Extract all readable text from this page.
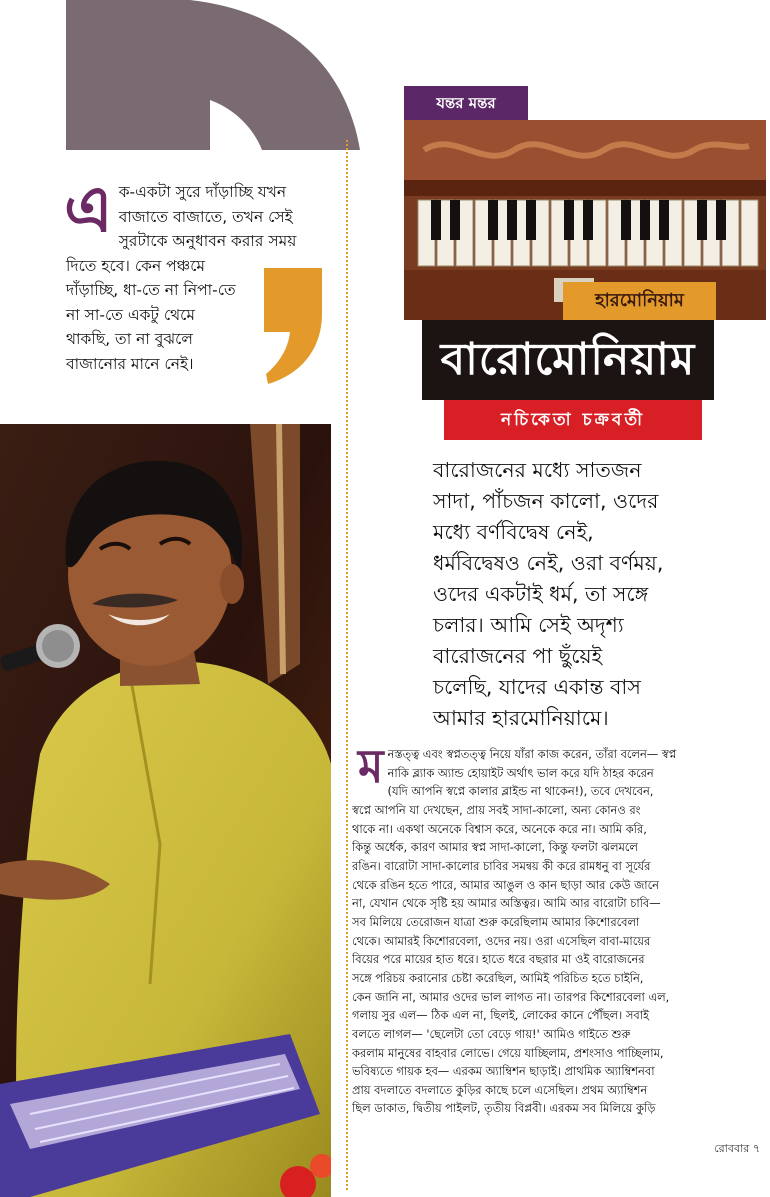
এ ক-একটা সুরে দাঁড়াচ্ছি যখন
বাজাতে বাজাতে, তখন সেই
সুরটাকে অনুধাবন করার সময়
দিতে হবে। কেন পঞ্চমে
দাঁড়াচ্ছি, ধা-তে না নিপা-তে
না সা-তে একটু থেমে
থাকছি, তা না বুঝলে
বাজানোর মানে নেই।
যন্তর মন্তর
হারমোনিয়াম
বারোমোনিয়াম
নচিকেতা চক্রবর্তী
বারোজনের মধ্যে সাতজন
সাদা, পাঁচজন কালো, ওদের
মধ্যে বর্ণবিদ্বেষ নেই,
ধর্মবিদ্বেষও নেই, ওরা বর্ণময়,
ওদের একটাই ধর্ম, তা সঙ্গে
চলার। আমি সেই অদৃশ্য
বারোজনের পা ছুঁয়েই
চলেছি, যাদের একান্ত বাস
আমার হারমোনিয়ামে।
ম নস্তত্ত্ব এবং স্বপ্নতত্ত্ব নিয়ে যাঁরা কাজ করেন, তাঁরা বলেন— স্বপ্ন
নাকি ব্ল্যাক অ্যান্ড হোয়াইট অর্থাৎ ভাল করে যদি ঠাহর করেন
(যদি আপনি স্বপ্নে কালার ব্লাইন্ড না থাকেন!), তবে দেখবেন,
স্বপ্নে আপনি যা দেখছেন, প্রায় সবই সাদা-কালো, অন্য কোনও রং
থাকে না। একথা অনেকে বিশ্বাস করে, অনেকে করে না। আমি করি,
কিন্তু অর্ধেক, কারণ আমার স্বপ্ন সাদা-কালো, কিন্তু ফলটা ঝলমলে
রঙিন। বারোটা সাদা-কালোর চাবির সমন্বয় কী করে রামধনু বা সূর্যের
থেকে রঙিন হতে পারে, আমার আঙুল ও কান ছাড়া আর কেউ জানে
না, যেখান থেকে সৃষ্টি হয় আমার অস্তিত্বর। আমি আর বারোটা চাবি—
সব মিলিয়ে তেরোজন যাত্রা শুরু করেছিলাম আমার কিশোরবেলা
থেকে। আমারই কিশোরবেলা, ওদের নয়। ওরা এসেছিল বাবা-মায়ের
বিয়ের পরে মায়ের হাত ধরে। হাতে ধরে বছরার মা ওই বারোজনের
সঙ্গে পরিচয় করানোর চেষ্টা করেছিল, আমিই পরিচিত হতে চাইনি,
কেন জানি না, আমার ওদের ভাল লাগত না। তারপর কিশোরবেলা এল,
গলায় সুর এল— ঠিক এল না, ছিলই, লোকের কানে পৌঁছল। সবাই
বলতে লাগল— 'ছেলেটা তো বেড়ে গায়!' আমিও গাইতে শুরু
করলাম মানুষের বাহবার লোভে। গেয়ে যাচ্ছিলাম, প্রশংসাও পাচ্ছিলাম,
ভবিষ্যতে গায়ক হব— এরকম অ্যাম্বিশন ছাড়াই। প্রাথমিক অ্যাম্বিশনবা
প্রায় বদলাতে বদলাতে কুড়ির কাছে চলে এসেছিল। প্রথম অ্যাম্বিশন
ছিল ডাকাত, দ্বিতীয় পাইলট, তৃতীয় বিপ্লবী। এরকম সব মিলিয়ে কুড়ি
রোববার ৭
